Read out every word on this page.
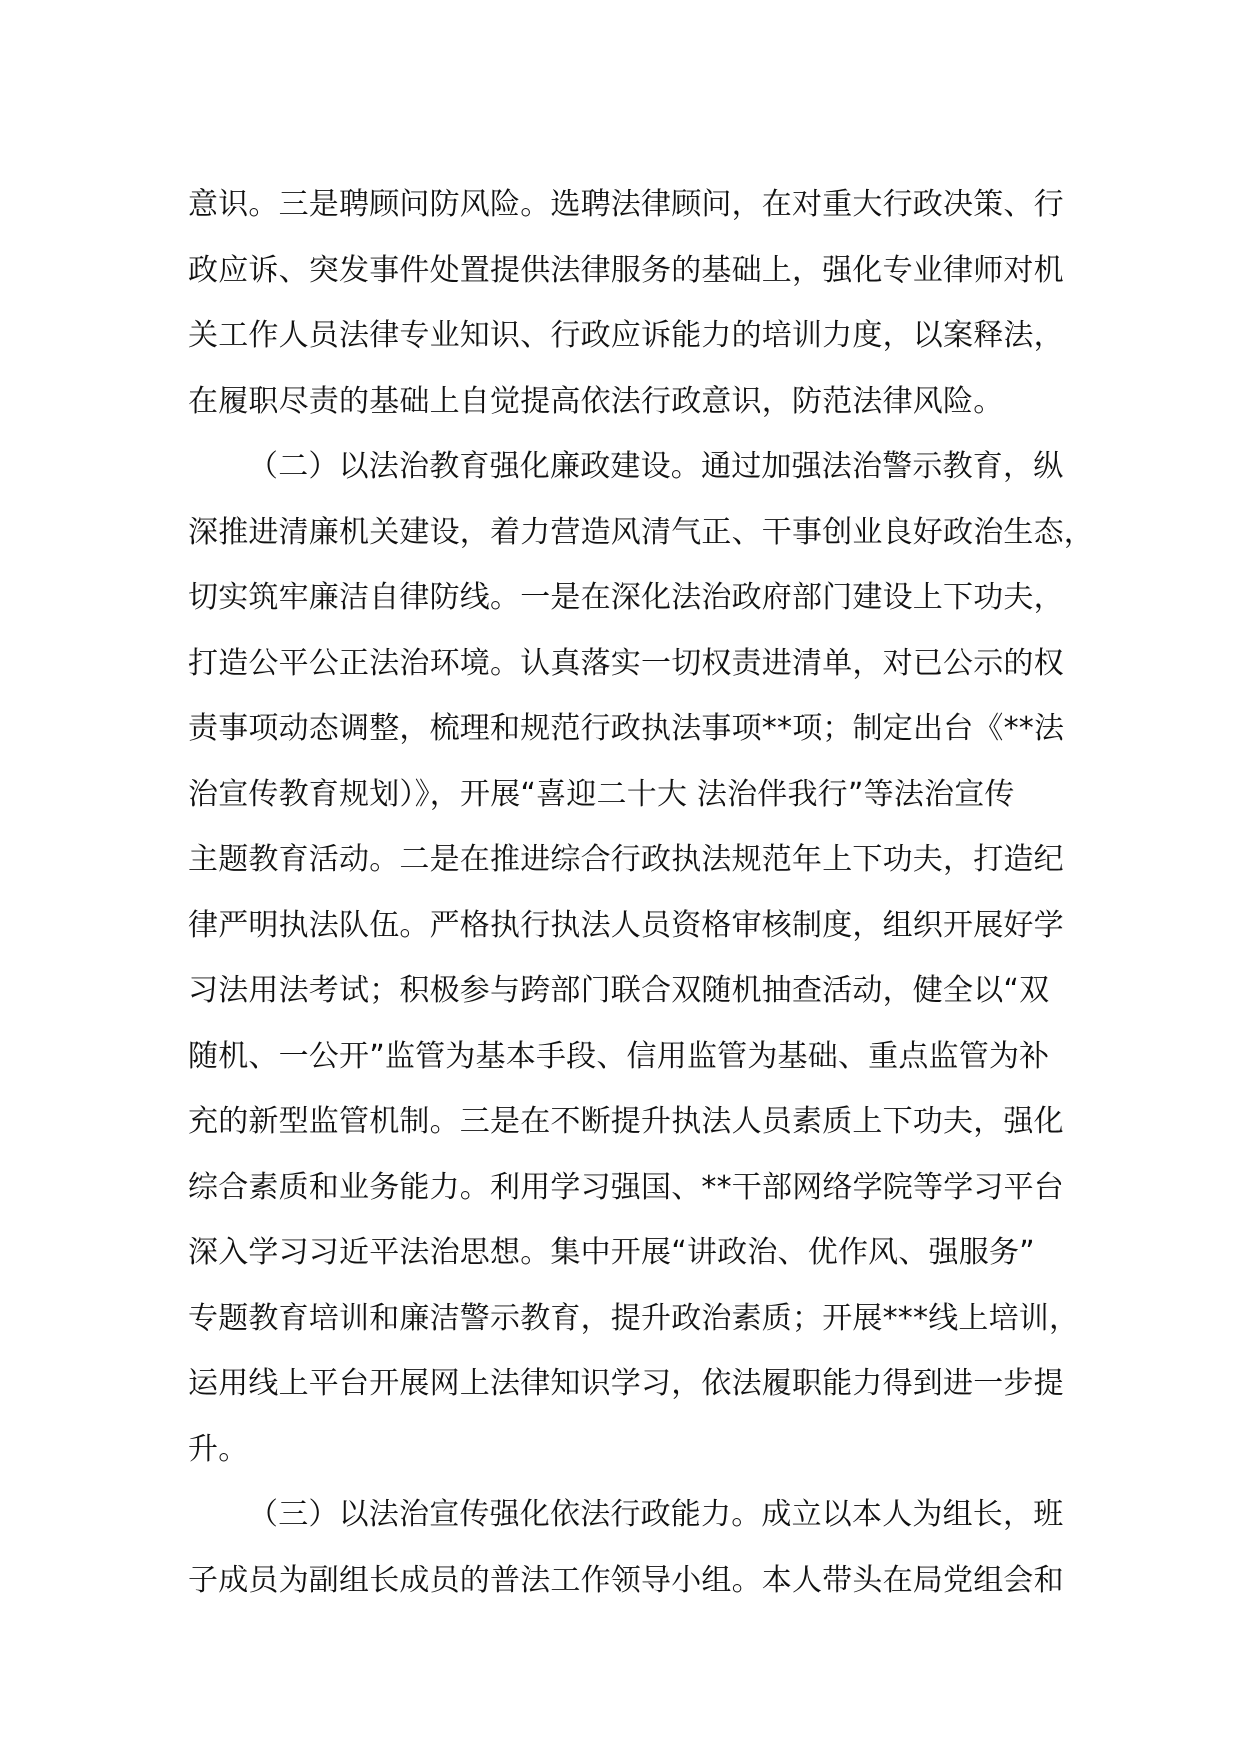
意识。三是聘顾问防风险。选聘法律顾问，在对重大行政决策、行
政应诉、突发事件处置提供法律服务的基础上，强化专业律师对机
关工作人员法律专业知识、行政应诉能力的培训力度，以案释法，
在履职尽责的基础上自觉提高依法行政意识，防范法律风险。
（二）以法治教育强化廉政建设。通过加强法治警示教育，纵
深推进清廉机关建设，着力营造风清气正、干事创业良好政治生态，
切实筑牢廉洁自律防线。一是在深化法治政府部门建设上下功夫，
打造公平公正法治环境。认真落实一切权责进清单，对已公示的权
责事项动态调整，梳理和规范行政执法事项**项；制定出台《**法
治宣传教育规划）》，开展“喜迎二十大 法治伴我行”等法治宣传
主题教育活动。二是在推进综合行政执法规范年上下功夫，打造纪
律严明执法队伍。严格执行执法人员资格审核制度，组织开展好学
习法用法考试；积极参与跨部门联合双随机抽查活动，健全以“双
随机、一公开”监管为基本手段、信用监管为基础、重点监管为补
充的新型监管机制。三是在不断提升执法人员素质上下功夫，强化
综合素质和业务能力。利用学习强国、**干部网络学院等学习平台
深入学习习近平法治思想。集中开展“讲政治、优作风、强服务”
专题教育培训和廉洁警示教育，提升政治素质；开展***线上培训，
运用线上平台开展网上法律知识学习，依法履职能力得到进一步提
升。
（三）以法治宣传强化依法行政能力。成立以本人为组长，班
子成员为副组长成员的普法工作领导小组。本人带头在局党组会和
